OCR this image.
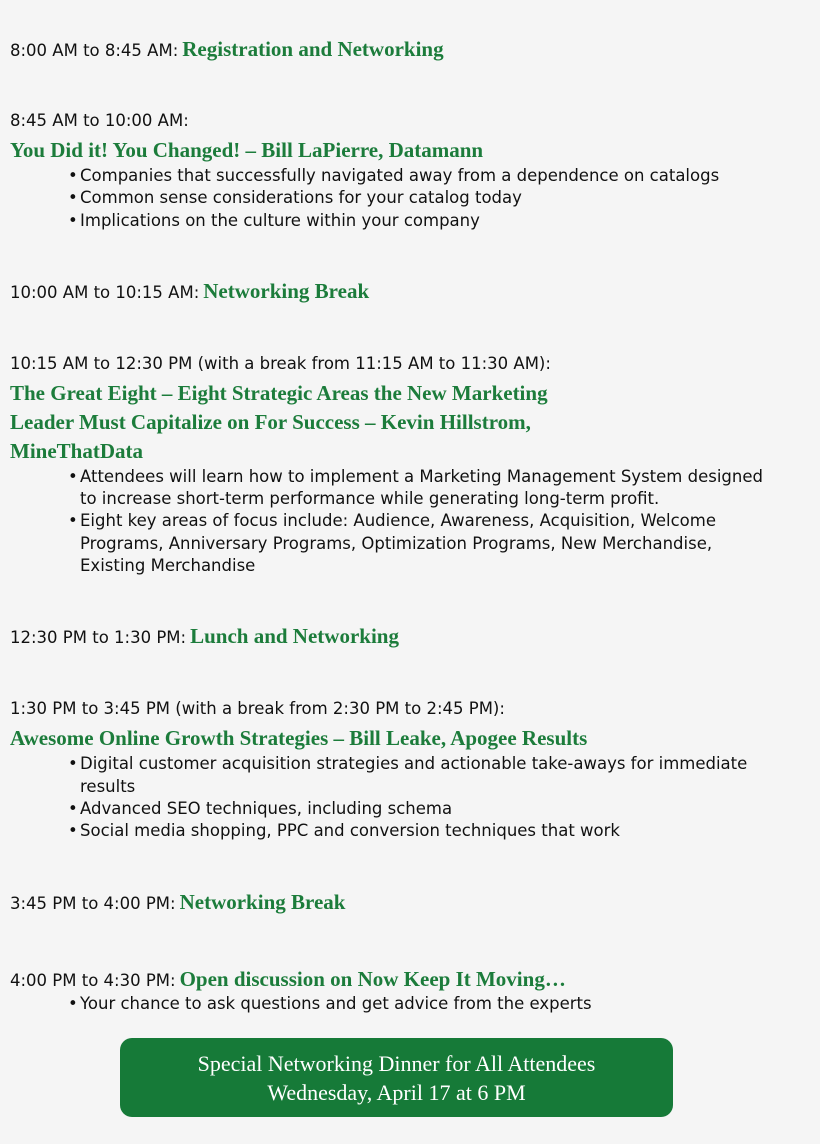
8:00 AM to 8:45 AM: Registration and Networking
8:45 AM to 10:00 AM:
You Did it! You Changed! – Bill LaPierre, Datamann
• Companies that successfully navigated away from a dependence on catalogs
• Common sense considerations for your catalog today
• Implications on the culture within your company
10:00 AM to 10:15 AM: Networking Break
10:15 AM to 12:30 PM (with a break from 11:15 AM to 11:30 AM):
The Great Eight – Eight Strategic Areas the New Marketing
Leader Must Capitalize on For Success – Kevin Hillstrom,
MineThatData
• Attendees will learn how to implement a Marketing Management System designed
to increase short-term performance while generating long-term profit.
• Eight key areas of focus include: Audience, Awareness, Acquisition, Welcome
Programs, Anniversary Programs, Optimization Programs, New Merchandise,
Existing Merchandise
12:30 PM to 1:30 PM: Lunch and Networking
1:30 PM to 3:45 PM (with a break from 2:30 PM to 2:45 PM):
Awesome Online Growth Strategies – Bill Leake, Apogee Results
• Digital customer acquisition strategies and actionable take-aways for immediate
results
• Advanced SEO techniques, including schema
• Social media shopping, PPC and conversion techniques that work
3:45 PM to 4:00 PM: Networking Break
4:00 PM to 4:30 PM: Open discussion on Now Keep It Moving…
• Your chance to ask questions and get advice from the experts
Special Networking Dinner for All Attendees
Wednesday, April 17 at 6 PM
